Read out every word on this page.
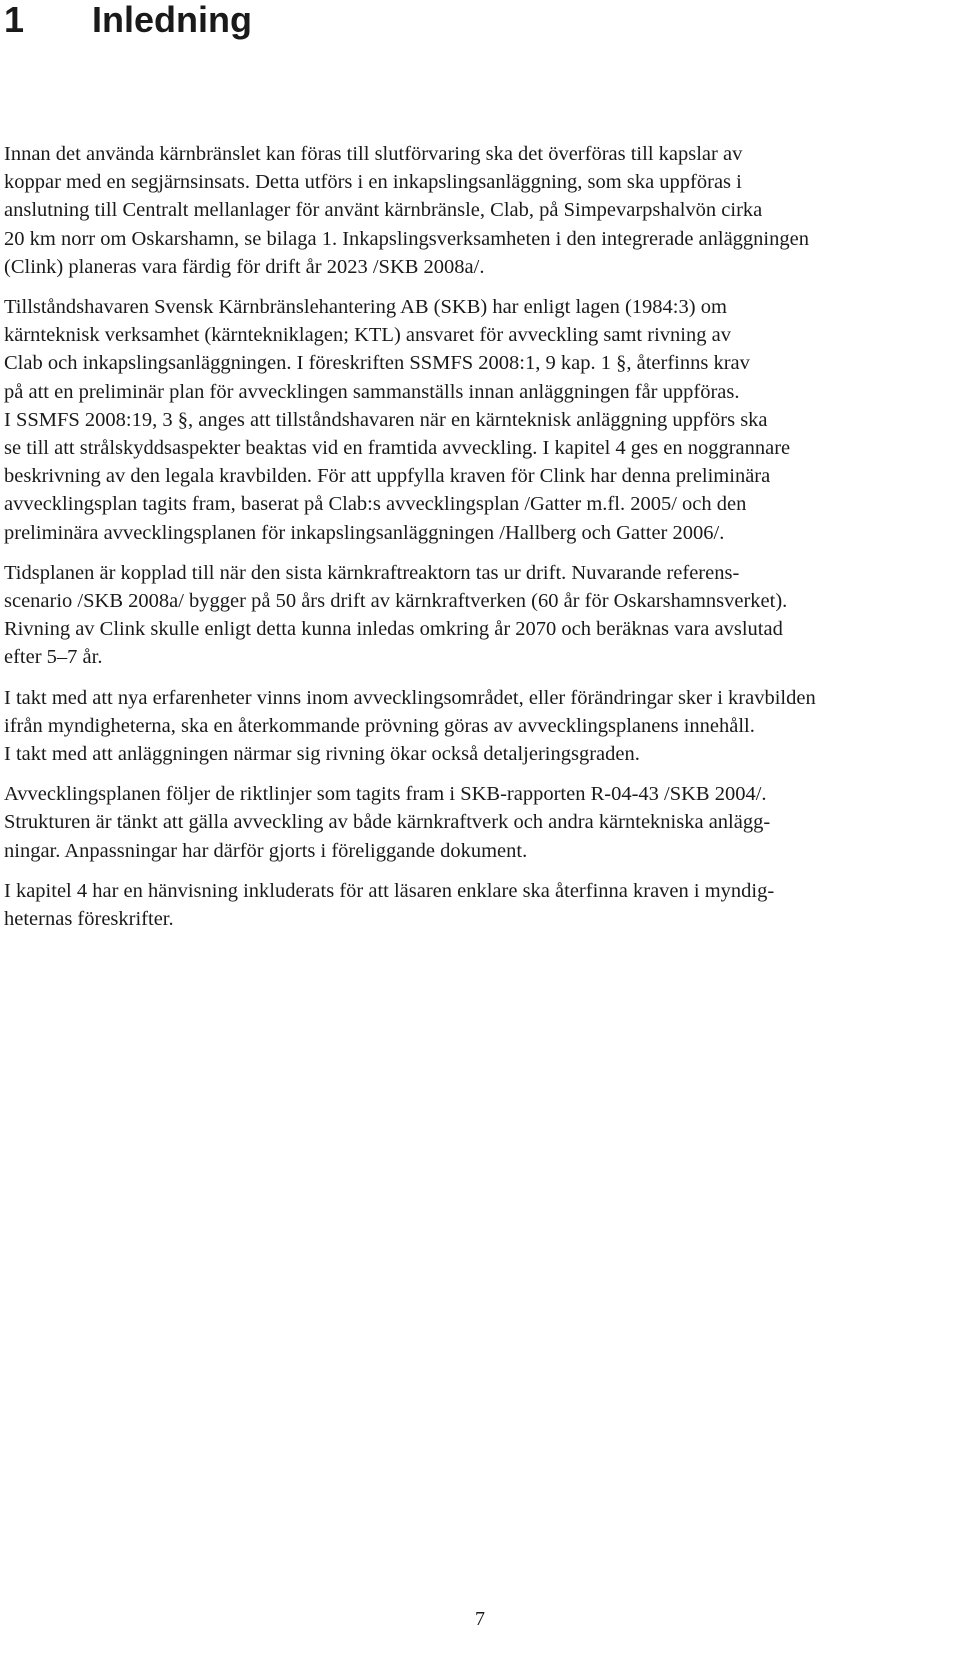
1 Inledning

Innan det använda kärnbränslet kan föras till slutförvaring ska det överföras till kapslar av
koppar med en segjärnsinsats. Detta utförs i en inkapslingsanläggning, som ska uppföras i
anslutning till Centralt mellanlager för använt kärnbränsle, Clab, på Simpevarpshalvön cirka
20 km norr om Oskarshamn, se bilaga 1. Inkapslingsverksamheten i den integrerade anläggningen
(Clink) planeras vara färdig för drift år 2023 /SKB 2008a/.

Tillståndshavaren Svensk Kärnbränslehantering AB (SKB) har enligt lagen (1984:3) om
kärnteknisk verksamhet (kärntekniklagen; KTL) ansvaret för avveckling samt rivning av
Clab och inkapslingsanläggningen. I föreskriften SSMFS 2008:1, 9 kap. 1 §, återfinns krav
på att en preliminär plan för avvecklingen sammanställs innan anläggningen får uppföras.
I SSMFS 2008:19, 3 §, anges att tillståndshavaren när en kärnteknisk anläggning uppförs ska
se till att strålskyddsaspekter beaktas vid en framtida avveckling. I kapitel 4 ges en noggrannare
beskrivning av den legala kravbilden. För att uppfylla kraven för Clink har denna preliminära
avvecklingsplan tagits fram, baserat på Clab:s avvecklingsplan /Gatter m.fl. 2005/ och den
preliminära avvecklingsplanen för inkapslingsanläggningen /Hallberg och Gatter 2006/.

Tidsplanen är kopplad till när den sista kärnkraftreaktorn tas ur drift. Nuvarande referens-
scenario /SKB 2008a/ bygger på 50 års drift av kärnkraftverken (60 år för Oskarshamnsverket).
Rivning av Clink skulle enligt detta kunna inledas omkring år 2070 och beräknas vara avslutad
efter 5–7 år.

I takt med att nya erfarenheter vinns inom avvecklingsområdet, eller förändringar sker i kravbilden
ifrån myndigheterna, ska en återkommande prövning göras av avvecklingsplanens innehåll.
I takt med att anläggningen närmar sig rivning ökar också detaljeringsgraden.

Avvecklingsplanen följer de riktlinjer som tagits fram i SKB-rapporten R-04-43 /SKB 2004/.
Strukturen är tänkt att gälla avveckling av både kärnkraftverk och andra kärntekniska anlägg-
ningar. Anpassningar har därför gjorts i föreliggande dokument.

I kapitel 4 har en hänvisning inkluderats för att läsaren enklare ska återfinna kraven i myndig-
heternas föreskrifter.

7
